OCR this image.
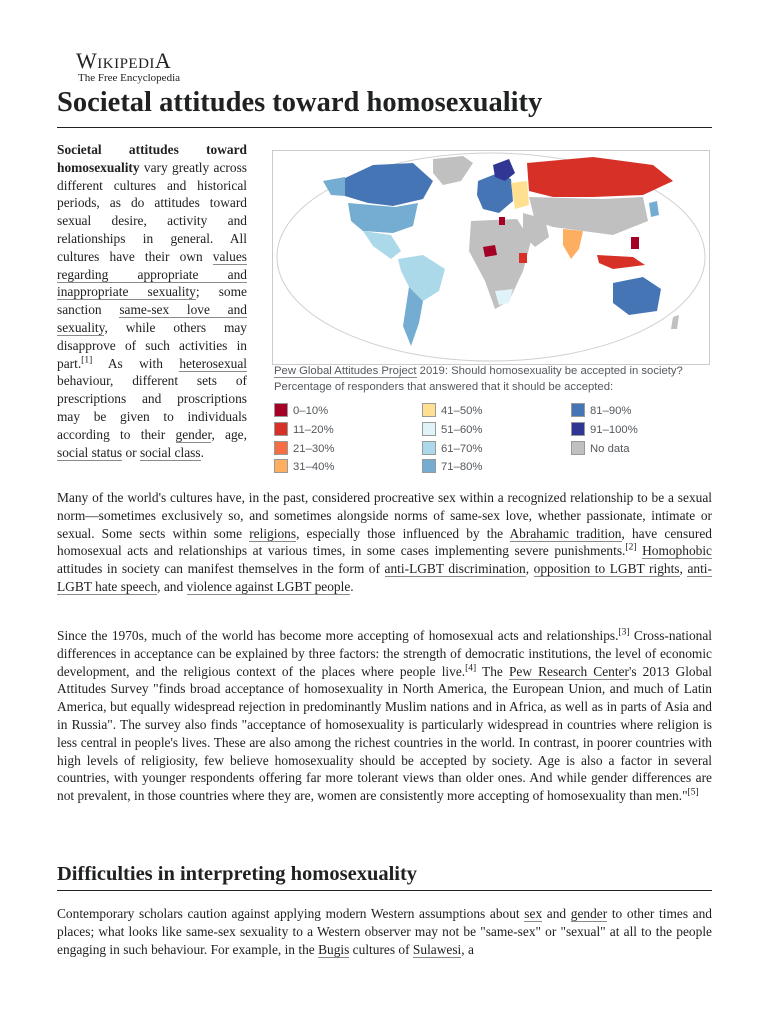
WikipediA
The Free Encyclopedia
Societal attitudes toward homosexuality

Societal attitudes toward homosexuality vary greatly across different cultures and historical periods, as do attitudes toward sexual desire, activity and relationships in general. All cultures have their own values regarding appropriate and inappropriate sexuality; some sanction same-sex love and sexuality, while others may disapprove of such activities in part.[1] As with heterosexual behaviour, different sets of prescriptions and proscriptions may be given to individuals according to their gender, age, social status or social class.

Pew Global Attitudes Project 2019: Should homosexuality be accepted in society? Percentage of responders that answered that it should be accepted:
0–10%
11–20%
21–30%
31–40%
41–50%
51–60%
61–70%
71–80%
81–90%
91–100%
No data

Many of the world's cultures have, in the past, considered procreative sex within a recognized relationship to be a sexual norm—sometimes exclusively so, and sometimes alongside norms of same-sex love, whether passionate, intimate or sexual. Some sects within some religions, especially those influenced by the Abrahamic tradition, have censured homosexual acts and relationships at various times, in some cases implementing severe punishments.[2] Homophobic attitudes in society can manifest themselves in the form of anti-LGBT discrimination, opposition to LGBT rights, anti-LGBT hate speech, and violence against LGBT people.

Since the 1970s, much of the world has become more accepting of homosexual acts and relationships.[3] Cross-national differences in acceptance can be explained by three factors: the strength of democratic institutions, the level of economic development, and the religious context of the places where people live.[4] The Pew Research Center's 2013 Global Attitudes Survey "finds broad acceptance of homosexuality in North America, the European Union, and much of Latin America, but equally widespread rejection in predominantly Muslim nations and in Africa, as well as in parts of Asia and in Russia". The survey also finds "acceptance of homosexuality is particularly widespread in countries where religion is less central in people's lives. These are also among the richest countries in the world. In contrast, in poorer countries with high levels of religiosity, few believe homosexuality should be accepted by society. Age is also a factor in several countries, with younger respondents offering far more tolerant views than older ones. And while gender differences are not prevalent, in those countries where they are, women are consistently more accepting of homosexuality than men."[5]

Difficulties in interpreting homosexuality

Contemporary scholars caution against applying modern Western assumptions about sex and gender to other times and places; what looks like same-sex sexuality to a Western observer may not be "same-sex" or "sexual" at all to the people engaging in such behaviour. For example, in the Bugis cultures of Sulawesi, a
